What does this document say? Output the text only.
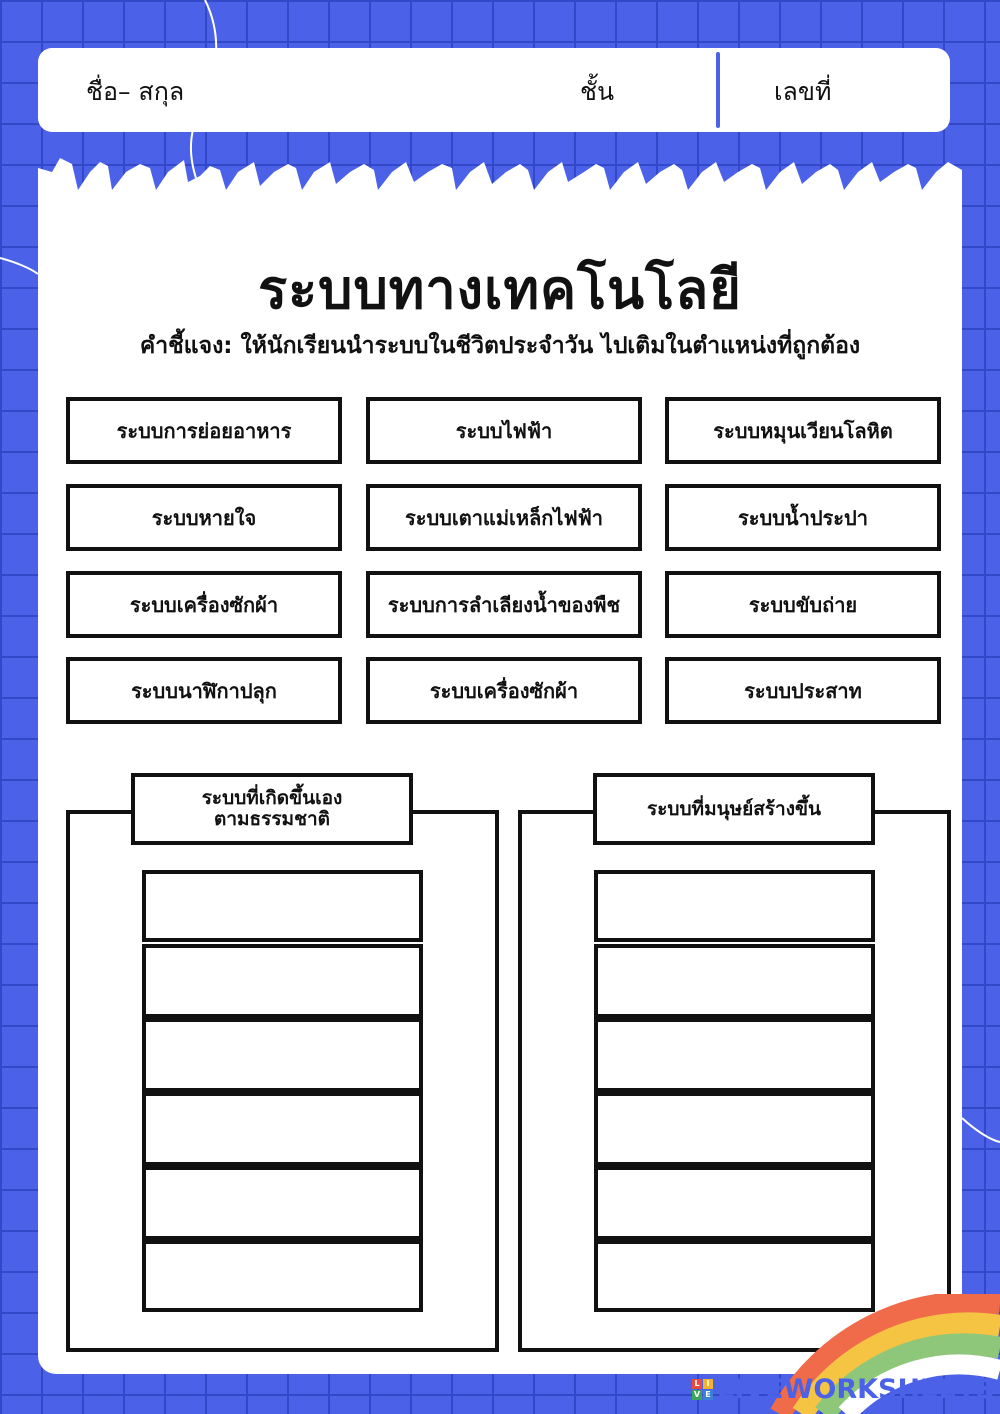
ชื่อ– สกุล	ชั้น	เลขที่
ระบบทางเทคโนโลยี
คำชี้แจง: ให้นักเรียนนำระบบในชีวิตประจำวัน ไปเติมในตำแหน่งที่ถูกต้อง
ระบบการย่อยอาหาร	ระบบไฟฟ้า	ระบบหมุนเวียนโลหิต
ระบบหายใจ	ระบบเตาแม่เหล็กไฟฟ้า	ระบบน้ำประปา
ระบบเครื่องซักผ้า	ระบบการลำเลียงน้ำของพืช	ระบบขับถ่าย
ระบบนาฬิกาปลุก	ระบบเครื่องซักผ้า	ระบบประสาท
ระบบที่เกิดขึ้นเอง
ตามธรรมชาติ	ระบบที่มนุษย์สร้างขึ้น
L I
V E LIVEWORKSHEETS
